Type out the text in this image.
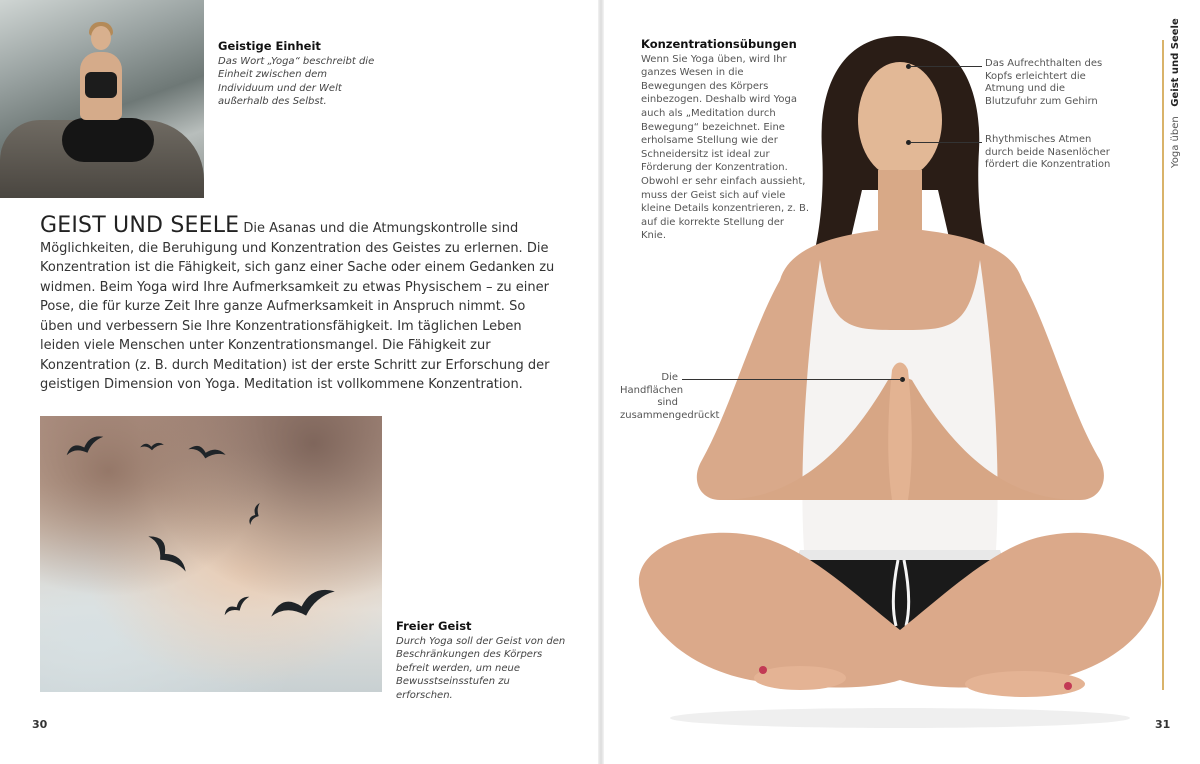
Geistige Einheit
Das Wort „Yoga“ beschreibt die Einheit zwischen dem Individuum und der Welt außerhalb des Selbst.
GEIST UND SEELE Die Asanas und die Atmungskontrolle sind Möglichkeiten, die Beruhigung und Konzentration des Geistes zu erlernen. Die Konzentration ist die Fähigkeit, sich ganz einer Sache oder einem Gedanken zu widmen. Beim Yoga wird Ihre Aufmerksamkeit zu etwas Physischem – zu einer Pose, die für kurze Zeit Ihre ganze Aufmerksamkeit in Anspruch nimmt. So üben und verbessern Sie Ihre Konzentrationsfähigkeit. Im täglichen Leben leiden viele Menschen unter Konzentrationsmangel. Die Fähigkeit zur Konzentration (z. B. durch Meditation) ist der erste Schritt zur Erforschung der geistigen Dimension von Yoga. Meditation ist vollkommene Konzentration.
Freier Geist
Durch Yoga soll der Geist von den Beschränkungen des Körpers befreit werden, um neue Bewusstseinsstufen zu erforschen.
30
Konzentrationsübungen
Wenn Sie Yoga üben, wird Ihr ganzes Wesen in die Bewegungen des Körpers einbezogen. Deshalb wird Yoga auch als „Meditation durch Bewegung“ bezeichnet. Eine erholsame Stellung wie der Schneidersitz ist ideal zur Förderung der Konzentration. Obwohl er sehr einfach aussieht, muss der Geist sich auf viele kleine Details konzentrieren, z. B. auf die korrekte Stellung der Knie.
Das Aufrechthalten des Kopfs erleichtert die Atmung und die Blutzufuhr zum Gehirn
Rhythmisches Atmen durch beide Nasenlöcher fördert die Konzentration
Die Handflächen sind zusammengedrückt
Yoga üben   Geist und Seele
31
